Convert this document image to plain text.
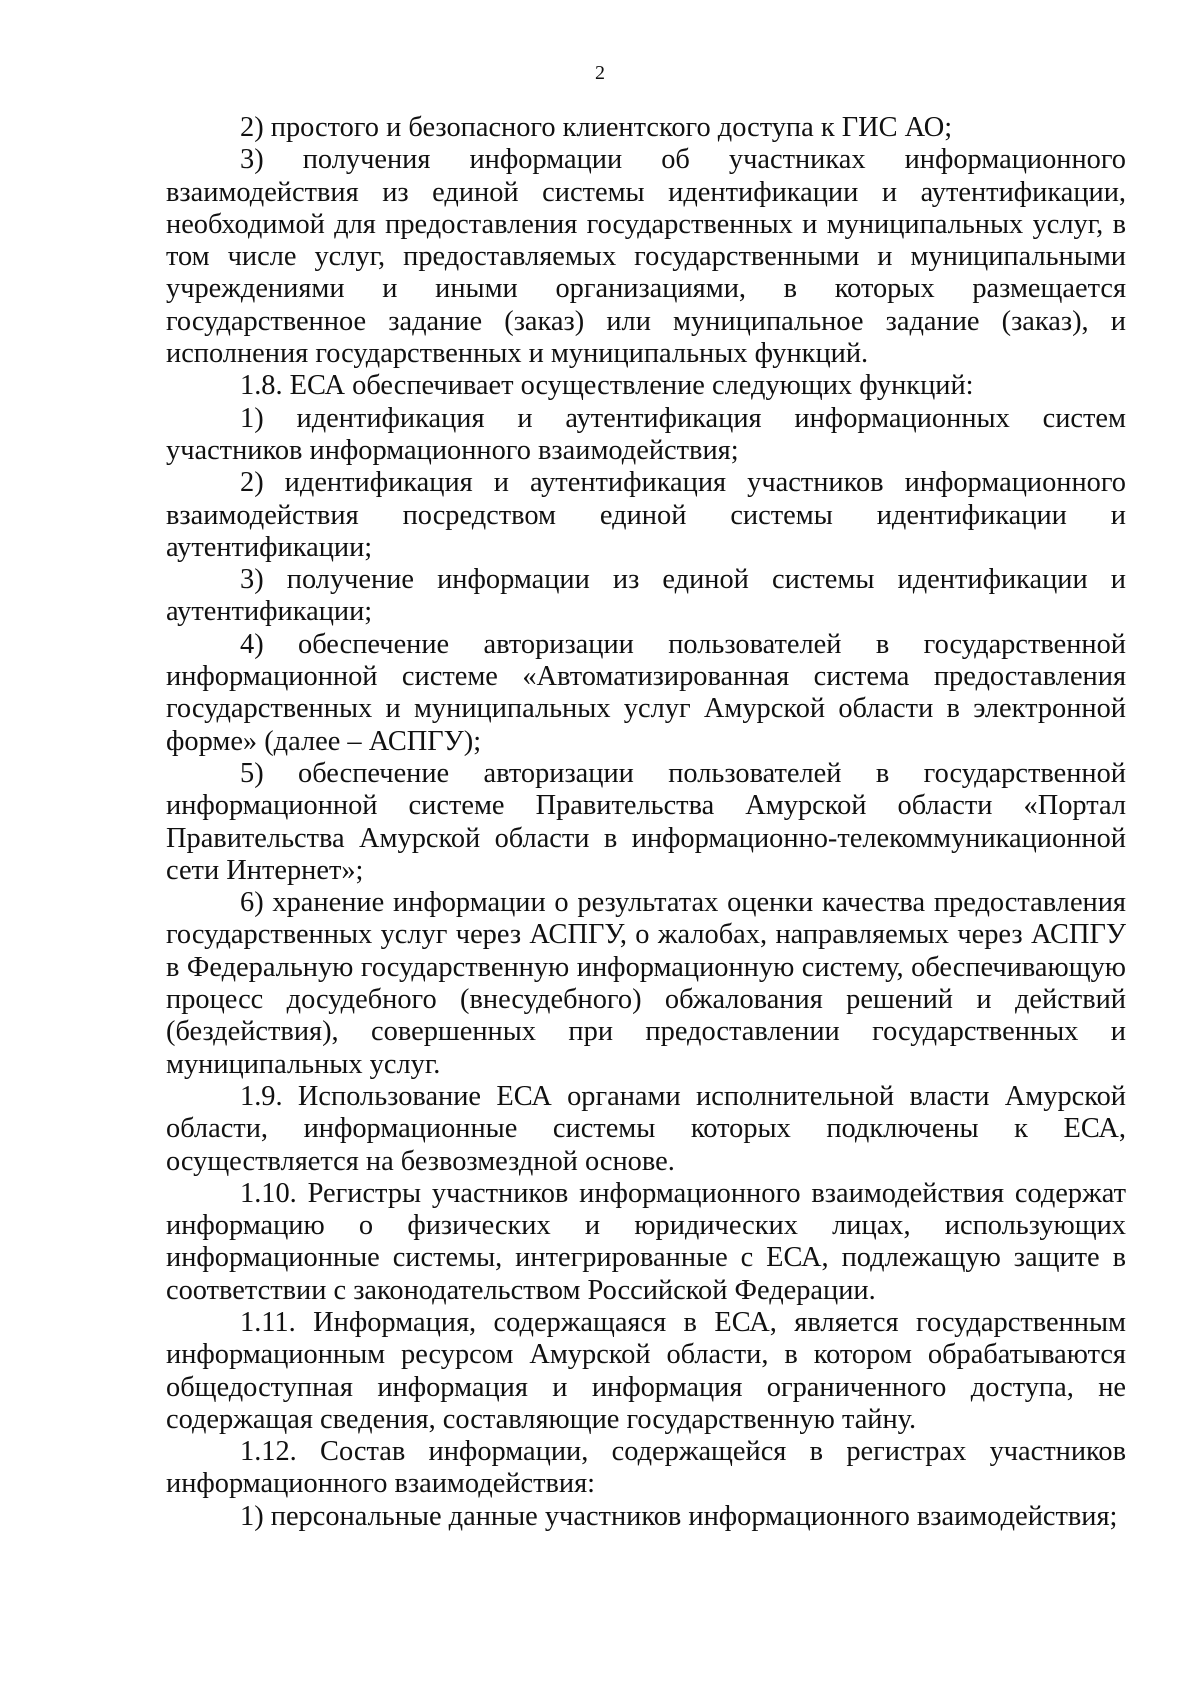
2

2) простого и безопасного клиентского доступа к ГИС АО;

3) получения информации об участниках информационного взаимодействия из единой системы идентификации и аутентификации, необходимой для предоставления государственных и муниципальных услуг, в том числе услуг, предоставляемых государственными и муниципальными учреждениями и иными организациями, в которых размещается государственное задание (заказ) или муниципальное задание (заказ), и исполнения государственных и муниципальных функций.

1.8. ЕСА обеспечивает осуществление следующих функций:

1) идентификация и аутентификация информационных систем участников информационного взаимодействия;

2) идентификация и аутентификация участников информационного взаимодействия посредством единой системы идентификации и аутентификации;

3) получение информации из единой системы идентификации и аутентификации;

4) обеспечение авторизации пользователей в государственной информационной системе «Автоматизированная система предоставления государственных и муниципальных услуг Амурской области в электронной форме» (далее – АСПГУ);

5) обеспечение авторизации пользователей в государственной информационной системе Правительства Амурской области «Портал Правительства Амурской области в информационно-телекоммуникационной сети Интернет»;

6) хранение информации о результатах оценки качества предоставления государственных услуг через АСПГУ, о жалобах, направляемых через АСПГУ в Федеральную государственную информационную систему, обеспечивающую процесс досудебного (внесудебного) обжалования решений и действий (бездействия), совершенных при предоставлении государственных и муниципальных услуг.

1.9. Использование ЕСА органами исполнительной власти Амурской области, информационные системы которых подключены к ЕСА, осуществляется на безвозмездной основе.

1.10. Регистры участников информационного взаимодействия содержат информацию о физических и юридических лицах, использующих информационные системы, интегрированные с ЕСА, подлежащую защите в соответствии с законодательством Российской Федерации.

1.11. Информация, содержащаяся в ЕСА, является государственным информационным ресурсом Амурской области, в котором обрабатываются общедоступная информация и информация ограниченного доступа, не содержащая сведения, составляющие государственную тайну.

1.12. Состав информации, содержащейся в регистрах участников информационного взаимодействия:

1) персональные данные участников информационного взаимодействия;
